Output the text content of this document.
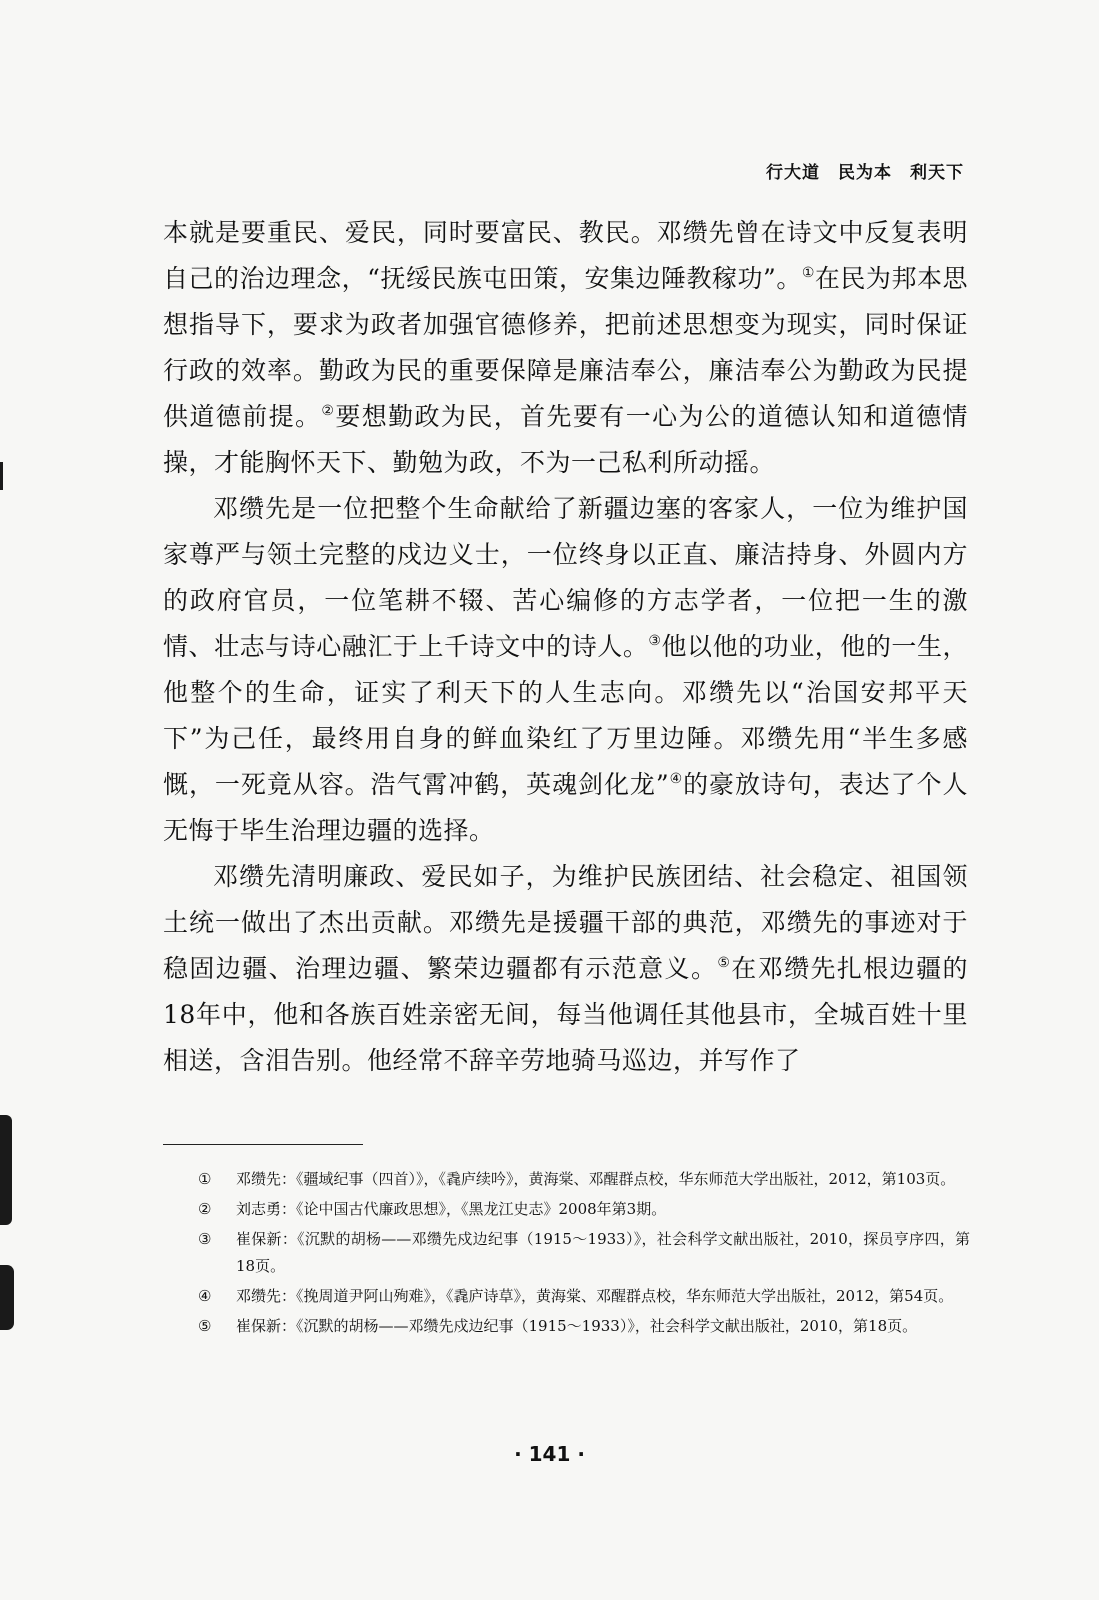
行大道　民为本　利天下

本就是要重民、爱民，同时要富民、教民。邓缵先曾在诗文中反复表明自己的治边理念，“抚绥民族屯田策，安集边陲教稼功”。①在民为邦本思想指导下，要求为政者加强官德修养，把前述思想变为现实，同时保证行政的效率。勤政为民的重要保障是廉洁奉公，廉洁奉公为勤政为民提供道德前提。②要想勤政为民，首先要有一心为公的道德认知和道德情操，才能胸怀天下、勤勉为政，不为一己私利所动摇。

邓缵先是一位把整个生命献给了新疆边塞的客家人，一位为维护国家尊严与领土完整的戍边义士，一位终身以正直、廉洁持身、外圆内方的政府官员，一位笔耕不辍、苦心编修的方志学者，一位把一生的激情、壮志与诗心融汇于上千诗文中的诗人。③他以他的功业，他的一生，他整个的生命，证实了利天下的人生志向。邓缵先以“治国安邦平天下”为己任，最终用自身的鲜血染红了万里边陲。邓缵先用“半生多感慨，一死竟从容。浩气霄冲鹤，英魂剑化龙”④的豪放诗句，表达了个人无悔于毕生治理边疆的选择。

邓缵先清明廉政、爱民如子，为维护民族团结、社会稳定、祖国领土统一做出了杰出贡献。邓缵先是援疆干部的典范，邓缵先的事迹对于稳固边疆、治理边疆、繁荣边疆都有示范意义。⑤在邓缵先扎根边疆的18年中，他和各族百姓亲密无间，每当他调任其他县市，全城百姓十里相送，含泪告别。他经常不辞辛劳地骑马巡边，并写作了

① 邓缵先：《疆域纪事（四首）》，《毳庐续吟》，黄海棠、邓醒群点校，华东师范大学出版社，2012，第103页。
② 刘志勇：《论中国古代廉政思想》，《黑龙江史志》2008年第3期。
③ 崔保新：《沉默的胡杨——邓缵先戍边纪事（1915～1933）》，社会科学文献出版社，2010，探员亨序四，第18页。
④ 邓缵先：《挽周道尹阿山殉难》，《毳庐诗草》，黄海棠、邓醒群点校，华东师范大学出版社，2012，第54页。
⑤ 崔保新：《沉默的胡杨——邓缵先戍边纪事（1915～1933）》，社会科学文献出版社，2010，第18页。
· 141 ·
